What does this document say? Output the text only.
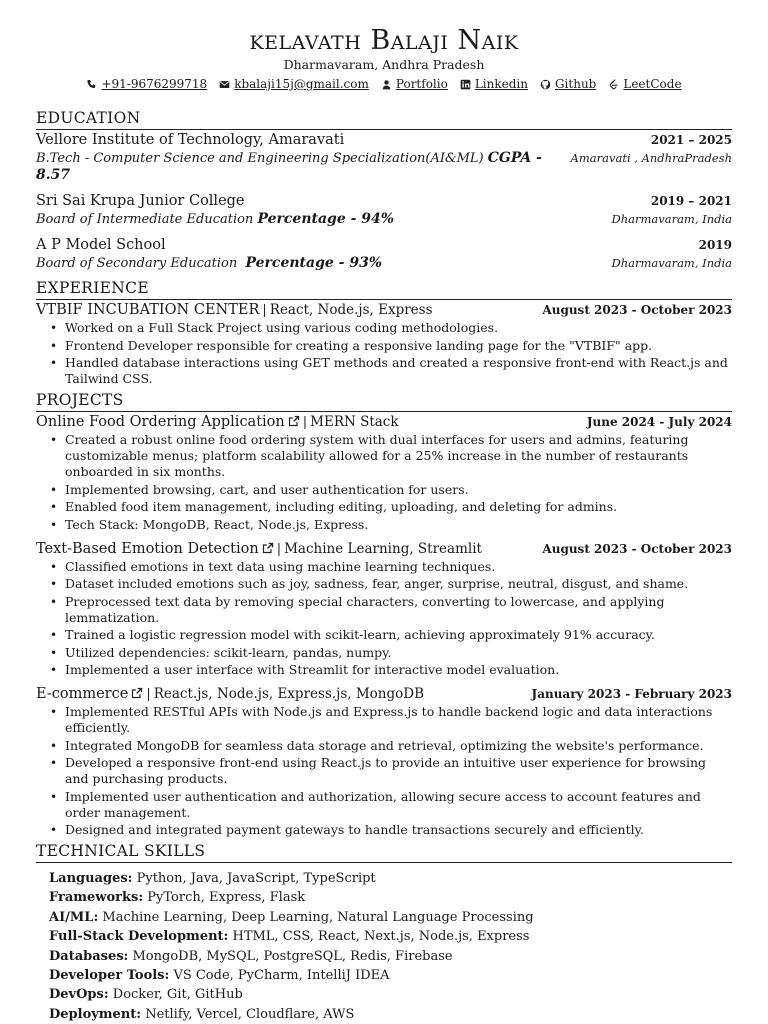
kelavath Balaji Naik
Dharmavaram, Andhra Pradesh
+91-9676299718 kbalaji15j@gmail.com Portfolio Linkedin Github LeetCode
EDUCATION
Vellore Institute of Technology, Amaravati	2021 – 2025
B.Tech - Computer Science and Engineering Specialization(AI&ML) CGPA - 8.57
Amaravati , AndhraPradesh
Sri Sai Krupa Junior College	2019 – 2021
Board of Intermediate Education Percentage - 94%	Dharmavaram, India
A P Model School	2019
Board of Secondary Education Percentage - 93%	Dharmavaram, India
EXPERIENCE
VTBIF INCUBATION CENTER | React, Node.js, Express	August 2023 - October 2023
• Worked on a Full Stack Project using various coding methodologies.
• Frontend Developer responsible for creating a responsive landing page for the "VTBIF" app.
• Handled database interactions using GET methods and created a responsive front-end with React.js and Tailwind CSS.
PROJECTS
Online Food Ordering Application | MERN Stack	June 2024 - July 2024
• Created a robust online food ordering system with dual interfaces for users and admins, featuring customizable menus; platform scalability allowed for a 25% increase in the number of restaurants onboarded in six months.
• Implemented browsing, cart, and user authentication for users.
• Enabled food item management, including editing, uploading, and deleting for admins.
• Tech Stack: MongoDB, React, Node.js, Express.
Text-Based Emotion Detection | Machine Learning, Streamlit	August 2023 - October 2023
• Classified emotions in text data using machine learning techniques.
• Dataset included emotions such as joy, sadness, fear, anger, surprise, neutral, disgust, and shame.
• Preprocessed text data by removing special characters, converting to lowercase, and applying lemmatization.
• Trained a logistic regression model with scikit-learn, achieving approximately 91% accuracy.
• Utilized dependencies: scikit-learn, pandas, numpy.
• Implemented a user interface with Streamlit for interactive model evaluation.
E-commerce | React.js, Node.js, Express.js, MongoDB	January 2023 - February 2023
• Implemented RESTful APIs with Node.js and Express.js to handle backend logic and data interactions efficiently.
• Integrated MongoDB for seamless data storage and retrieval, optimizing the website's performance.
• Developed a responsive front-end using React.js to provide an intuitive user experience for browsing and purchasing products.
• Implemented user authentication and authorization, allowing secure access to account features and order management.
• Designed and integrated payment gateways to handle transactions securely and efficiently.
TECHNICAL SKILLS
Languages: Python, Java, JavaScript, TypeScript
Frameworks: PyTorch, Express, Flask
AI/ML: Machine Learning, Deep Learning, Natural Language Processing
Full-Stack Development: HTML, CSS, React, Next.js, Node.js, Express
Databases: MongoDB, MySQL, PostgreSQL, Redis, Firebase
Developer Tools: VS Code, PyCharm, IntelliJ IDEA
DevOps: Docker, Git, GitHub
Deployment: Netlify, Vercel, Cloudflare, AWS
